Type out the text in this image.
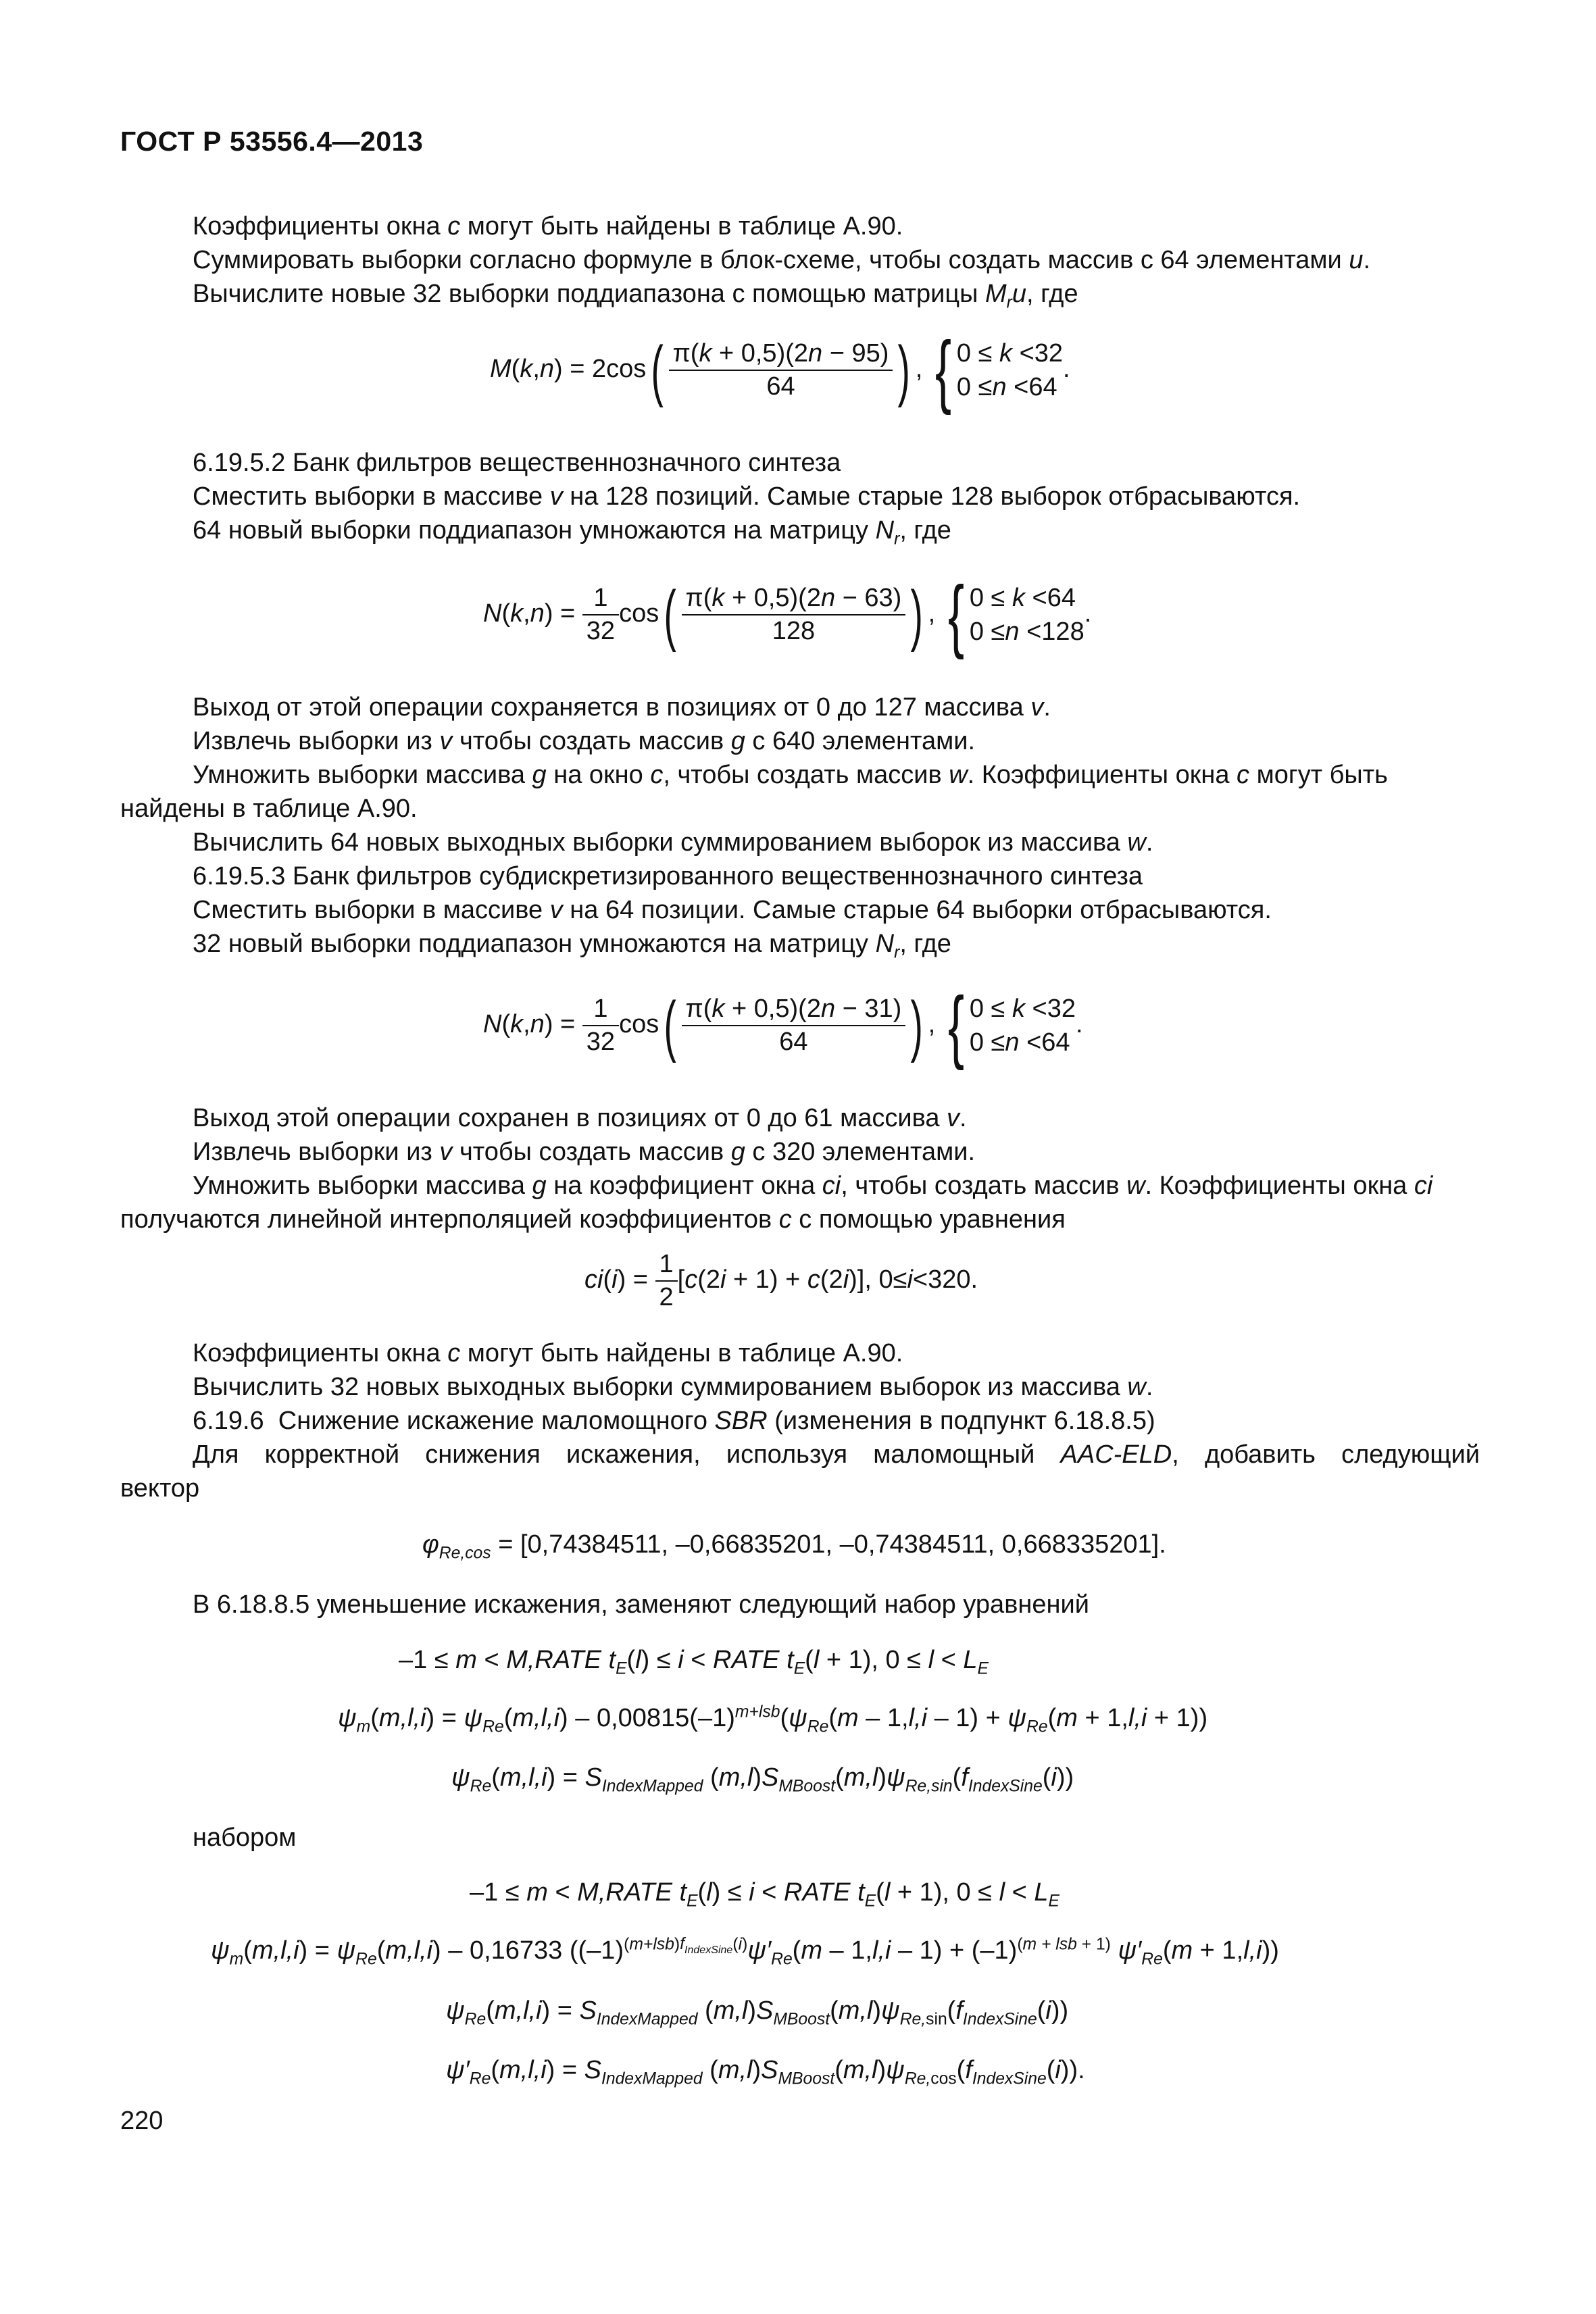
ГОСТ Р 53556.4—2013
Коэффициенты окна c могут быть найдены в таблице А.90.
Суммировать выборки согласно формуле в блок-схеме, чтобы создать массив c 64 элементами u.
Вычислите новые 32 выборки поддиапазона с помощью матрицы $M_ru$, где
$M(k,n) = 2\cos( \frac{\pi(k + 0,5)(2n - 95)}{64}$ ) , { 0 ≤ k <32
0 ≤n <64.
6.19.5.2 Банк фильтров вещественнозначного синтеза
Сместить выборки в массиве v на 128 позиций. Самые старые 128 выборок отбрасываются.
64 новый выборки поддиапазон умножаются на матрицу $N_r$, где
$N(k,n) = \frac{1}{32} \cos( \frac{\pi(k + 0,5)(2n - 63)}{128}$ ) , { 0 ≤ k <64
0 ≤n <128.
Выход от этой операции сохраняется в позициях от 0 до 127 массива v.
Извлечь выборки из v чтобы создать массив g с 640 элементами.
Умножить выборки массива g на окно c, чтобы создать массив w. Коэффициенты окна c могут быть
найдены в таблице А.90.
Вычислить 64 новых выходных выборки суммированием выборок из массива w.
6.19.5.3 Банк фильтров субдискретизированного вещественнозначного синтеза
Сместить выборки в массиве v на 64 позиции. Самые старые 64 выборки отбрасываются.
32 новый выборки поддиапазон умножаются на матрицу $N_r$, где
$N(k,n) = \frac{1}{32} \cos( \frac{\pi(k + 0,5)(2n - 31)}{64}$ ) , { 0 ≤ k <32
0 ≤n <64.
Выход этой операции сохранен в позициях от 0 до 61 массива v.
Извлечь выборки из v чтобы создать массив g с 320 элементами.
Умножить выборки массива g на коэффициент окна ci, чтобы создать массив w. Коэффициенты окна ci
получаются линейной интерполяцией коэффициентов c с помощью уравнения
$ci(i) = \frac{1}{2} [c(2i + 1) + c(2i)]$, 0≤i<320.
Коэффициенты окна c могут быть найдены в таблице А.90.
Вычислить 32 новых выходных выборки суммированием выборок из массива w.
6.19.6  Снижение искажение маломощного SBR (изменения в подпункт 6.18.8.5)
Для корректной снижения искажения, используя маломощный AAC-ELD, добавить следующий
вектор
$\varphi_{Re,cos} = [0,74384511$, –0,66835201, –0,74384511, 0,668335201].
В 6.18.8.5 уменьшение искажения, заменяют следующий набор уравнений
–1 ≤ m < M,RATE $t_E(l) \le i$ < RATE $t_E(l + 1)$, $0 \le l < L_E$
$\psi_m(m,l,i) = \psi_{Re}(m,l,i) - 0,00815(-1)^{m+lsb}(\psi_{Re}(m - 1,l,i - 1) + \psi_{Re}(m + 1,l,i + 1))$
$\psi_{Re}(m,l,i) = S_{IndexMapped}$ $(m,l)S_{MBoost}(m,l)\psi_{Re,sin}(f_{IndexSine}(i))$
набором
–1 ≤ m < M,RATE $t_E(l) \le i$ < RATE $t_E(l + 1)$, $0 \le l < L_E$
$\psi_m(m,l,i) = \psi_{Re}(m,l,i) - 0,16733$ ($(-1)^{(m+lsb)f_{IndexSine}(i)}\psi'_{Re}(m - 1,l,i - 1) + (-1)^{(m + lsb + 1)}$ $\psi'_{Re}(m + 1,l,i)$)
$\psi_{Re}(m,l,i) = S_{IndexMapped}$ $(m,l)S_{MBoost}(m,l)\psi_{Re,sin}(f_{IndexSine}(i))$
$\psi'_{Re}(m,l,i) = S_{IndexMapped}$ $(m,l)S_{MBoost}(m,l)\psi_{Re,cos}(f_{IndexSine}(i))$.
220
